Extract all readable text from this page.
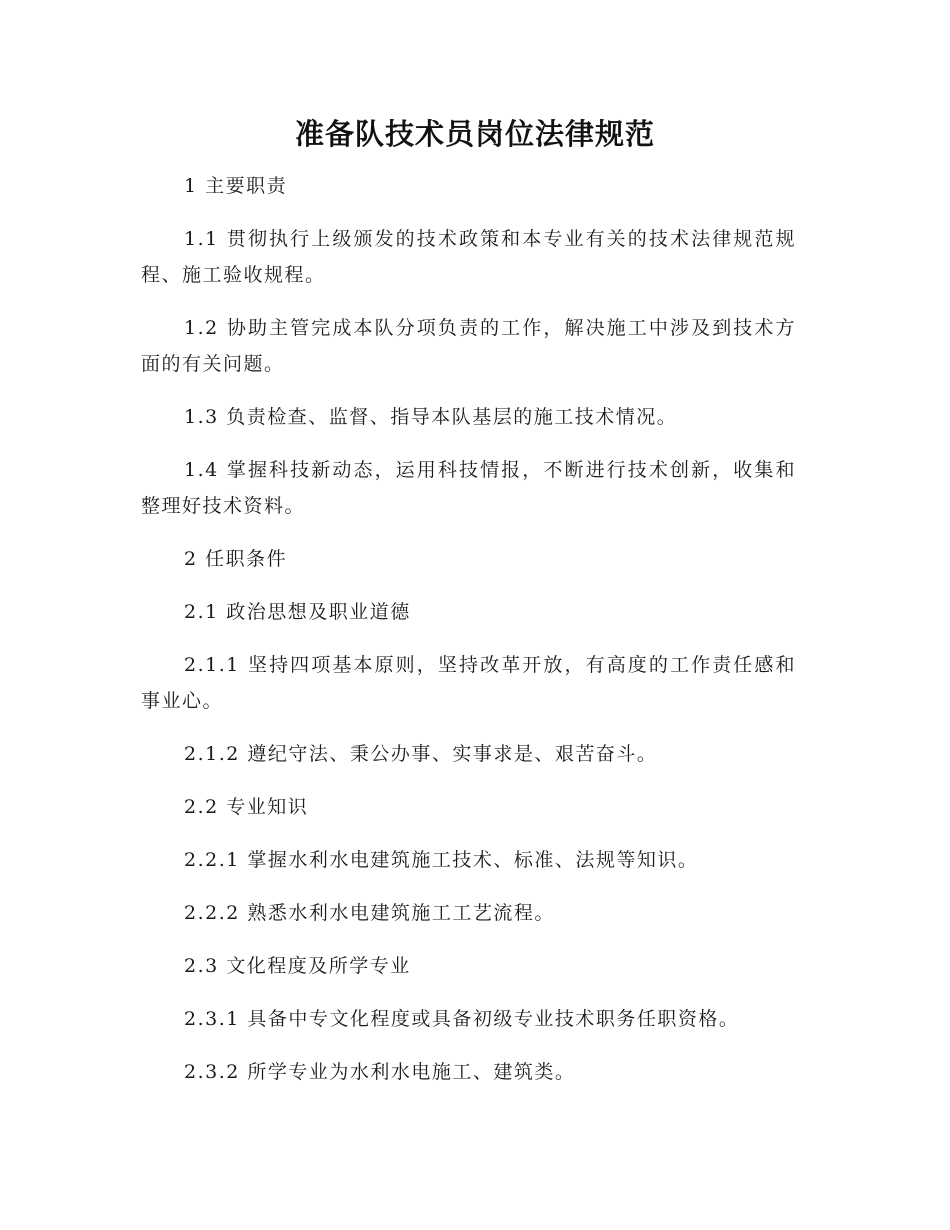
准备队技术员岗位法律规范

1 主要职责

1.1 贯彻执行上级颁发的技术政策和本专业有关的技术法律规范规程、施工验收规程。

1.2 协助主管完成本队分项负责的工作，解决施工中涉及到技术方面的有关问题。

1.3 负责检查、监督、指导本队基层的施工技术情况。

1.4 掌握科技新动态，运用科技情报，不断进行技术创新，收集和整理好技术资料。

2 任职条件

2.1 政治思想及职业道德

2.1.1 坚持四项基本原则，坚持改革开放，有高度的工作责任感和事业心。

2.1.2 遵纪守法、秉公办事、实事求是、艰苦奋斗。

2.2 专业知识

2.2.1 掌握水利水电建筑施工技术、标准、法规等知识。

2.2.2 熟悉水利水电建筑施工工艺流程。

2.3 文化程度及所学专业

2.3.1 具备中专文化程度或具备初级专业技术职务任职资格。

2.3.2 所学专业为水利水电施工、建筑类。
